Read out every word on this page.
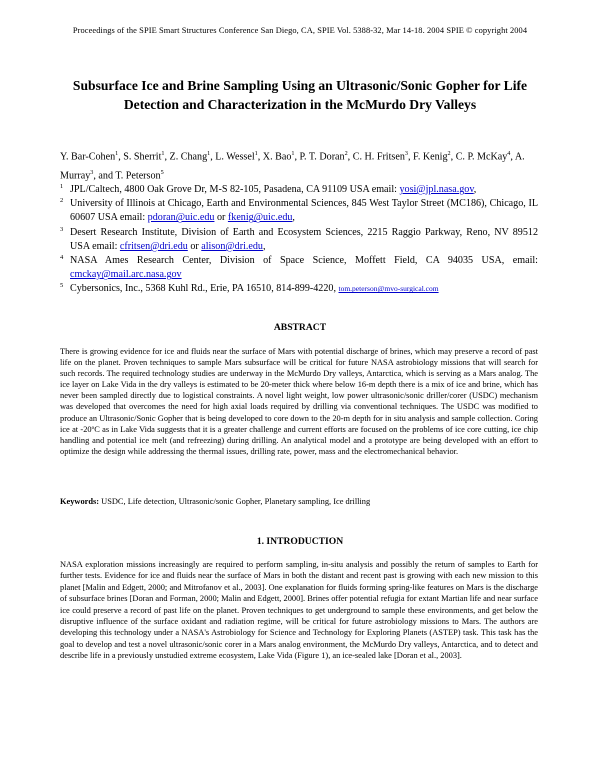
Proceedings of the SPIE Smart Structures Conference San Diego, CA, SPIE Vol. 5388-32, Mar 14-18. 2004 SPIE © copyright 2004
Subsurface Ice and Brine Sampling Using an Ultrasonic/Sonic Gopher for Life Detection and Characterization in the McMurdo Dry Valleys
Y. Bar-Cohen$^1$, S. Sherrit$^1$, Z. Chang$^1$, L. Wessel$^1$, X. Bao$^1$, P. T. Doran$^2$, C. H. Fritsen$^3$, F. Kenig$^2$, C. P. McKay$^4$, A. Murray$^3$, and T. Peterson$^5$
1 JPL/Caltech, 4800 Oak Grove Dr, M-S 82-105, Pasadena, CA 91109 USA email: yosi@jpl.nasa.gov,
2 University of Illinois at Chicago, Earth and Environmental Sciences, 845 West Taylor Street (MC186), Chicago, IL 60607 USA email: pdoran@uic.edu or fkenig@uic.edu,
3 Desert Research Institute, Division of Earth and Ecosystem Sciences, 2215 Raggio Parkway, Reno, NV 89512 USA email: cfritsen@dri.edu or alison@dri.edu,
4 NASA Ames Research Center, Division of Space Science, Moffett Field, CA 94035 USA, email: cmckay@mail.arc.nasa.gov
5 Cybersonics, Inc., 5368 Kuhl Rd., Erie, PA 16510, 814-899-4220, tom.peterson@mvo-surgical.com
ABSTRACT

There is growing evidence for ice and fluids near the surface of Mars with potential discharge of brines, which may preserve a record of past life on the planet. Proven techniques to sample Mars subsurface will be critical for future NASA astrobiology missions that will search for such records. The required technology studies are underway in the McMurdo Dry valleys, Antarctica, which is serving as a Mars analog. The ice layer on Lake Vida in the dry valleys is estimated to be 20-meter thick where below 16-m depth there is a mix of ice and brine, which has never been sampled directly due to logistical constraints. A novel light weight, low power ultrasonic/sonic driller/corer (USDC) mechanism was developed that overcomes the need for high axial loads required by drilling via conventional techniques. The USDC was modified to produce an Ultrasonic/Sonic Gopher that is being developed to core down to the 20-m depth for in situ analysis and sample collection. Coring ice at -20ºC as in Lake Vida suggests that it is a greater challenge and current efforts are focused on the problems of ice core cutting, ice chip handling and potential ice melt (and refreezing) during drilling. An analytical model and a prototype are being developed with an effort to optimize the design while addressing the thermal issues, drilling rate, power, mass and the electromechanical behavior.

Keywords: USDC, Life detection, Ultrasonic/sonic Gopher, Planetary sampling, Ice drilling

1. INTRODUCTION

NASA exploration missions increasingly are required to perform sampling, in-situ analysis and possibly the return of samples to Earth for further tests. Evidence for ice and fluids near the surface of Mars in both the distant and recent past is growing with each new mission to this planet [Malin and Edgett, 2000; and Mitrofanov et al., 2003]. One explanation for fluids forming spring-like features on Mars is the discharge of subsurface brines [Doran and Forman, 2000; Malin and Edgett, 2000]. Brines offer potential refugia for extant Martian life and near surface ice could preserve a record of past life on the planet. Proven techniques to get underground to sample these environments, and get below the disruptive influence of the surface oxidant and radiation regime, will be critical for future astrobiology missions to Mars. The authors are developing this technology under a NASA's Astrobiology for Science and Technology for Exploring Planets (ASTEP) task. This task has the goal to develop and test a novel ultrasonic/sonic corer in a Mars analog environment, the McMurdo Dry valleys, Antarctica, and to detect and describe life in a previously unstudied extreme ecosystem, Lake Vida (Figure 1), an ice-sealed lake [Doran et al., 2003].
